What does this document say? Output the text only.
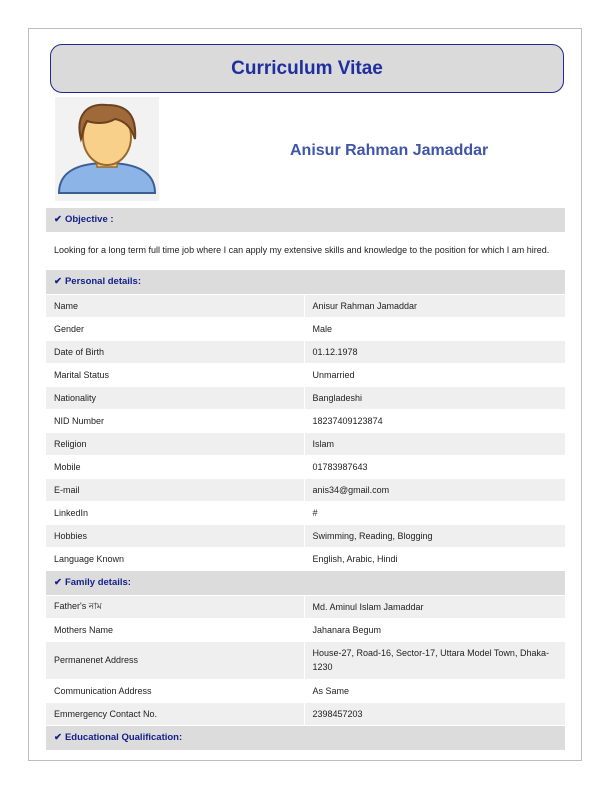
Curriculum Vitae
Anisur Rahman Jamaddar
✔ Objective :	
Looking for a long term full time job where I can apply my extensive skills and knowledge to the position for which I am hired.	
✔ Personal details:	
Name	Anisur Rahman Jamaddar
Gender	Male
Date of Birth	01.12.1978
Marital Status	Unmarried
Nationality	Bangladeshi
NID Number	18237409123874
Religion	Islam
Mobile	01783987643
E-mail	anis34@gmail.com
LinkedIn	#
Hobbies	Swimming, Reading, Blogging
Language Known	English, Arabic, Hindi
✔ Family details:	
Father's নাম	Md. Aminul Islam Jamaddar
Mothers Name	Jahanara Begum
Permanenet Address	House-27, Road-16, Sector-17, Uttara Model Town, Dhaka-1230
Communication Address	As Same
Emmergency Contact No.	2398457203
✔ Educational Qualification:	
